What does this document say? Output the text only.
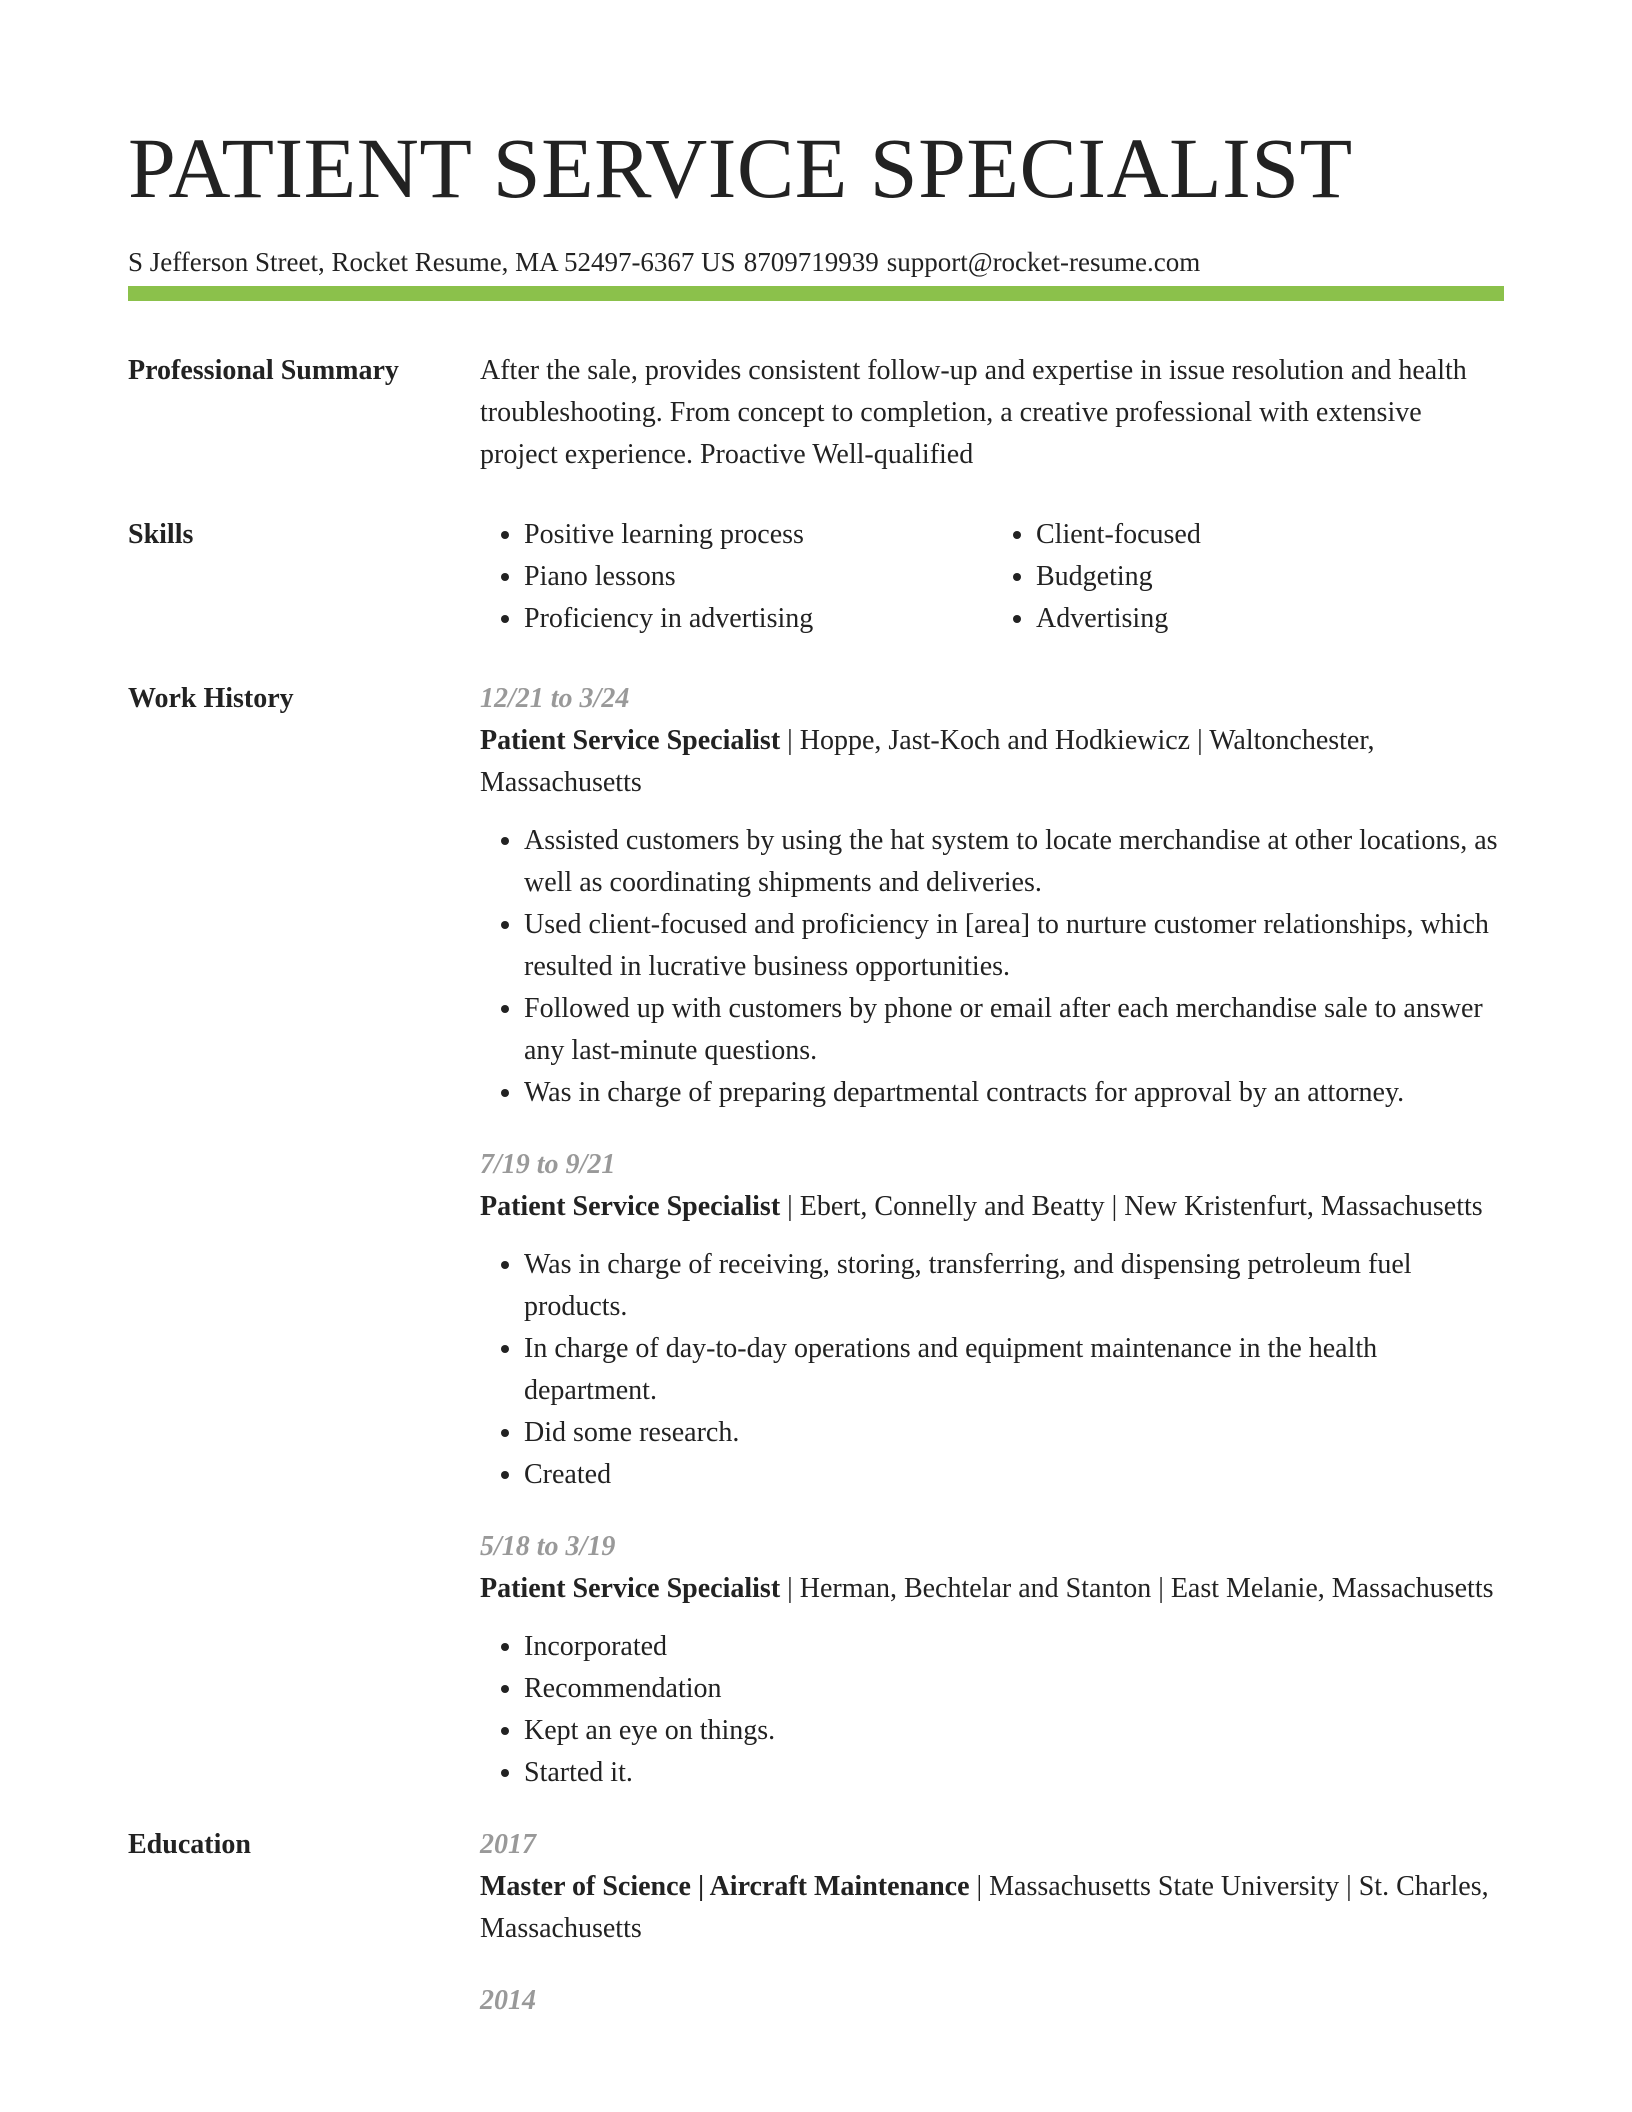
PATIENT SERVICE SPECIALIST
S Jefferson Street, Rocket Resume, MA 52497-6367 US 8709719939 support@rocket-resume.com
Professional Summary	After the sale, provides consistent follow-up and expertise in issue resolution and health troubleshooting. From concept to completion, a creative professional with extensive project experience. Proactive Well-qualified

Skills
•	Positive learning process
• Piano lessons
• Proficiency in advertising
• Client-focused
• Budgeting
• Advertising
Work History	12/21 to 3/24
Patient Service Specialist | Hoppe, Jast-Koch and Hodkiewicz | Waltonchester, Massachusetts
• Assisted customers by using the hat system to locate merchandise at other locations, as well as coordinating shipments and deliveries.
• Used client-focused and proficiency in [area] to nurture customer relationships, which resulted in lucrative business opportunities.
• Followed up with customers by phone or email after each merchandise sale to answer any last-minute questions.
• Was in charge of preparing departmental contracts for approval by an attorney.
7/19 to 9/21
Patient Service Specialist | Ebert, Connelly and Beatty | New Kristenfurt, Massachusetts
• Was in charge of receiving, storing, transferring, and dispensing petroleum fuel products.
• In charge of day-to-day operations and equipment maintenance in the health department.
• Did some research.
• Created
5/18 to 3/19
Patient Service Specialist | Herman, Bechtelar and Stanton | East Melanie, Massachusetts
• Incorporated
• Recommendation
• Kept an eye on things.
• Started it.
Education	2017
Master of Science | Aircraft Maintenance | Massachusetts State University | St. Charles, Massachusetts
2014
